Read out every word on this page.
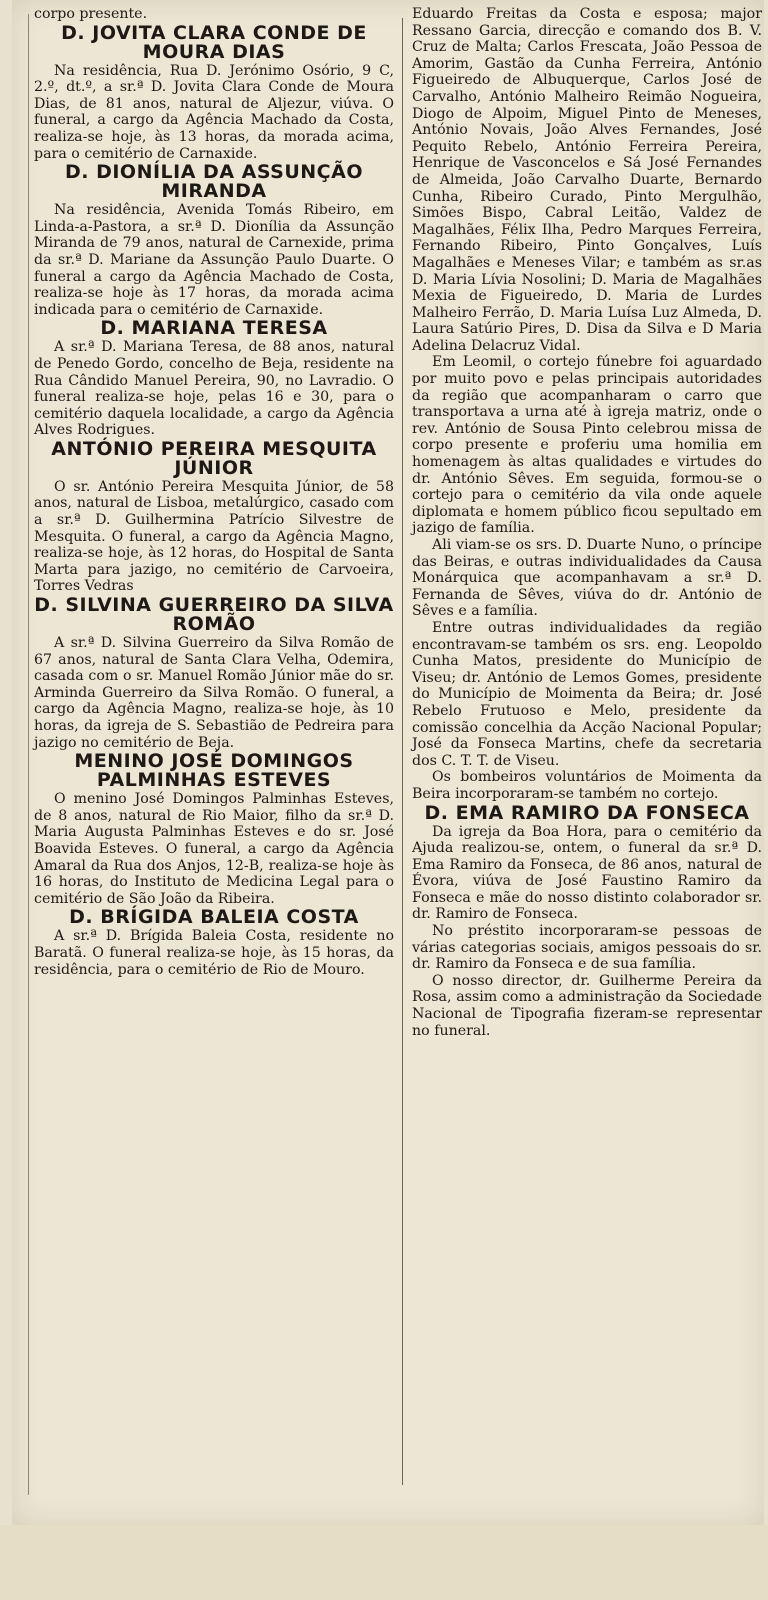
corpo presente.

D. JOVITA CLARA CONDE DE MOURA DIAS

Na residência, Rua D. Jerónimo Osório, 9 C, 2.º, dt.º, a sr.ª D. Jovita Clara Conde de Moura Dias, de 81 anos, natural de Aljezur, viúva. O funeral, a cargo da Agência Machado da Costa, realiza-se hoje, às 13 horas, da morada acima, para o cemitério de Carnaxide.

D. DIONÍLIA DA ASSUNÇÃO MIRANDA

Na residência, Avenida Tomás Ribeiro, em Linda-a-Pastora, a sr.ª D. Dionília da Assunção Miranda de 79 anos, natural de Carnexide, prima da sr.ª D. Mariane da Assunção Paulo Duarte. O funeral a cargo da Agência Machado de Costa, realiza-se hoje às 17 horas, da morada acima indicada para o cemitério de Carnaxide.

D. MARIANA TERESA

A sr.ª D. Mariana Teresa, de 88 anos, natural de Penedo Gordo, concelho de Beja, residente na Rua Cândido Manuel Pereira, 90, no Lavradio. O funeral realiza-se hoje, pelas 16 e 30, para o cemitério daquela localidade, a cargo da Agência Alves Rodrigues.

ANTÓNIO PEREIRA MESQUITA JÚNIOR

O sr. António Pereira Mesquita Júnior, de 58 anos, natural de Lisboa, metalúrgico, casado com a sr.ª D. Guilhermina Patrício Silvestre de Mesquita. O funeral, a cargo da Agência Magno, realiza-se hoje, às 12 horas, do Hospital de Santa Marta para jazigo, no cemitério de Carvoeira, Torres Vedras

D. SILVINA GUERREIRO DA SILVA ROMÃO

A sr.ª D. Silvina Guerreiro da Silva Romão de 67 anos, natural de Santa Clara Velha, Odemira, casada com o sr. Manuel Romão Júnior mãe do sr. Arminda Guerreiro da Silva Romão. O funeral, a cargo da Agência Magno, realiza-se hoje, às 10 horas, da igreja de S. Sebastião de Pedreira para jazigo no cemitério de Beja.

MENINO JOSÉ DOMINGOS PALMINHAS ESTEVES

O menino José Domingos Palminhas Esteves, de 8 anos, natural de Rio Maior, filho da sr.ª D. Maria Augusta Palminhas Esteves e do sr. José Boavida Esteves. O funeral, a cargo da Agência Amaral da Rua dos Anjos, 12-B, realiza-se hoje às 16 horas, do Instituto de Medicina Legal para o cemitério de São João da Ribeira.

D. BRÍGIDA BALEIA COSTA

A sr.ª D. Brígida Baleia Costa, residente no Baratã. O funeral realiza-se hoje, às 15 horas, da residência, para o cemitério de Rio de Mouro.

Eduardo Freitas da Costa e esposa; major Ressano Garcia, direcção e comando dos B. V. Cruz de Malta; Carlos Frescata, João Pessoa de Amorim, Gastão da Cunha Ferreira, António Figueiredo de Albuquerque, Carlos José de Carvalho, António Malheiro Reimão Nogueira, Diogo de Alpoim, Miguel Pinto de Meneses, António Novais, João Alves Fernandes, José Pequito Rebelo, António Ferreira Pereira, Henrique de Vasconcelos e Sá José Fernandes de Almeida, João Carvalho Duarte, Bernardo Cunha, Ribeiro Curado, Pinto Mergulhão, Simões Bispo, Cabral Leitão, Valdez de Magalhães, Félix Ilha, Pedro Marques Ferreira, Fernando Ribeiro, Pinto Gonçalves, Luís Magalhães e Meneses Vilar; e também as sr.as D. Maria Lívia Nosolini; D. Maria de Magalhães Mexia de Figueiredo, D. Maria de Lurdes Malheiro Ferrão, D. Maria Luísa Luz Almeda, D. Laura Satúrio Pires, D. Disa da Silva e D Maria Adelina Delacruz Vidal.

Em Leomil, o cortejo fúnebre foi aguardado por muito povo e pelas principais autoridades da região que acompanharam o carro que transportava a urna até à igreja matriz, onde o rev. António de Sousa Pinto celebrou missa de corpo presente e proferiu uma homilia em homenagem às altas qualidades e virtudes do dr. António Sêves. Em seguida, formou-se o cortejo para o cemitério da vila onde aquele diplomata e homem público ficou sepultado em jazigo de família.

Ali viam-se os srs. D. Duarte Nuno, o príncipe das Beiras, e outras individualidades da Causa Monárquica que acompanhavam a sr.ª D. Fernanda de Sêves, viúva do dr. António de Sêves e a família.

Entre outras individualidades da região encontravam-se também os srs. eng. Leopoldo Cunha Matos, presidente do Município de Viseu; dr. António de Lemos Gomes, presidente do Município de Moimenta da Beira; dr. José Rebelo Frutuoso e Melo, presidente da comissão concelhia da Acção Nacional Popular; José da Fonseca Martins, chefe da secretaria dos C. T. T. de Viseu.

Os bombeiros voluntários de Moimenta da Beira incorporaram-se também no cortejo.

D. EMA RAMIRO DA FONSECA

Da igreja da Boa Hora, para o cemitério da Ajuda realizou-se, ontem, o funeral da sr.ª D. Ema Ramiro da Fonseca, de 86 anos, natural de Évora, viúva de José Faustino Ramiro da Fonseca e mãe do nosso distinto colaborador sr. dr. Ramiro de Fonseca.

No préstito incorporaram-se pessoas de várias categorias sociais, amigos pessoais do sr. dr. Ramiro da Fonseca e de sua família.

O nosso director, dr. Guilherme Pereira da Rosa, assim como a administração da Sociedade Nacional de Tipografia fizeram-se representar no funeral.
